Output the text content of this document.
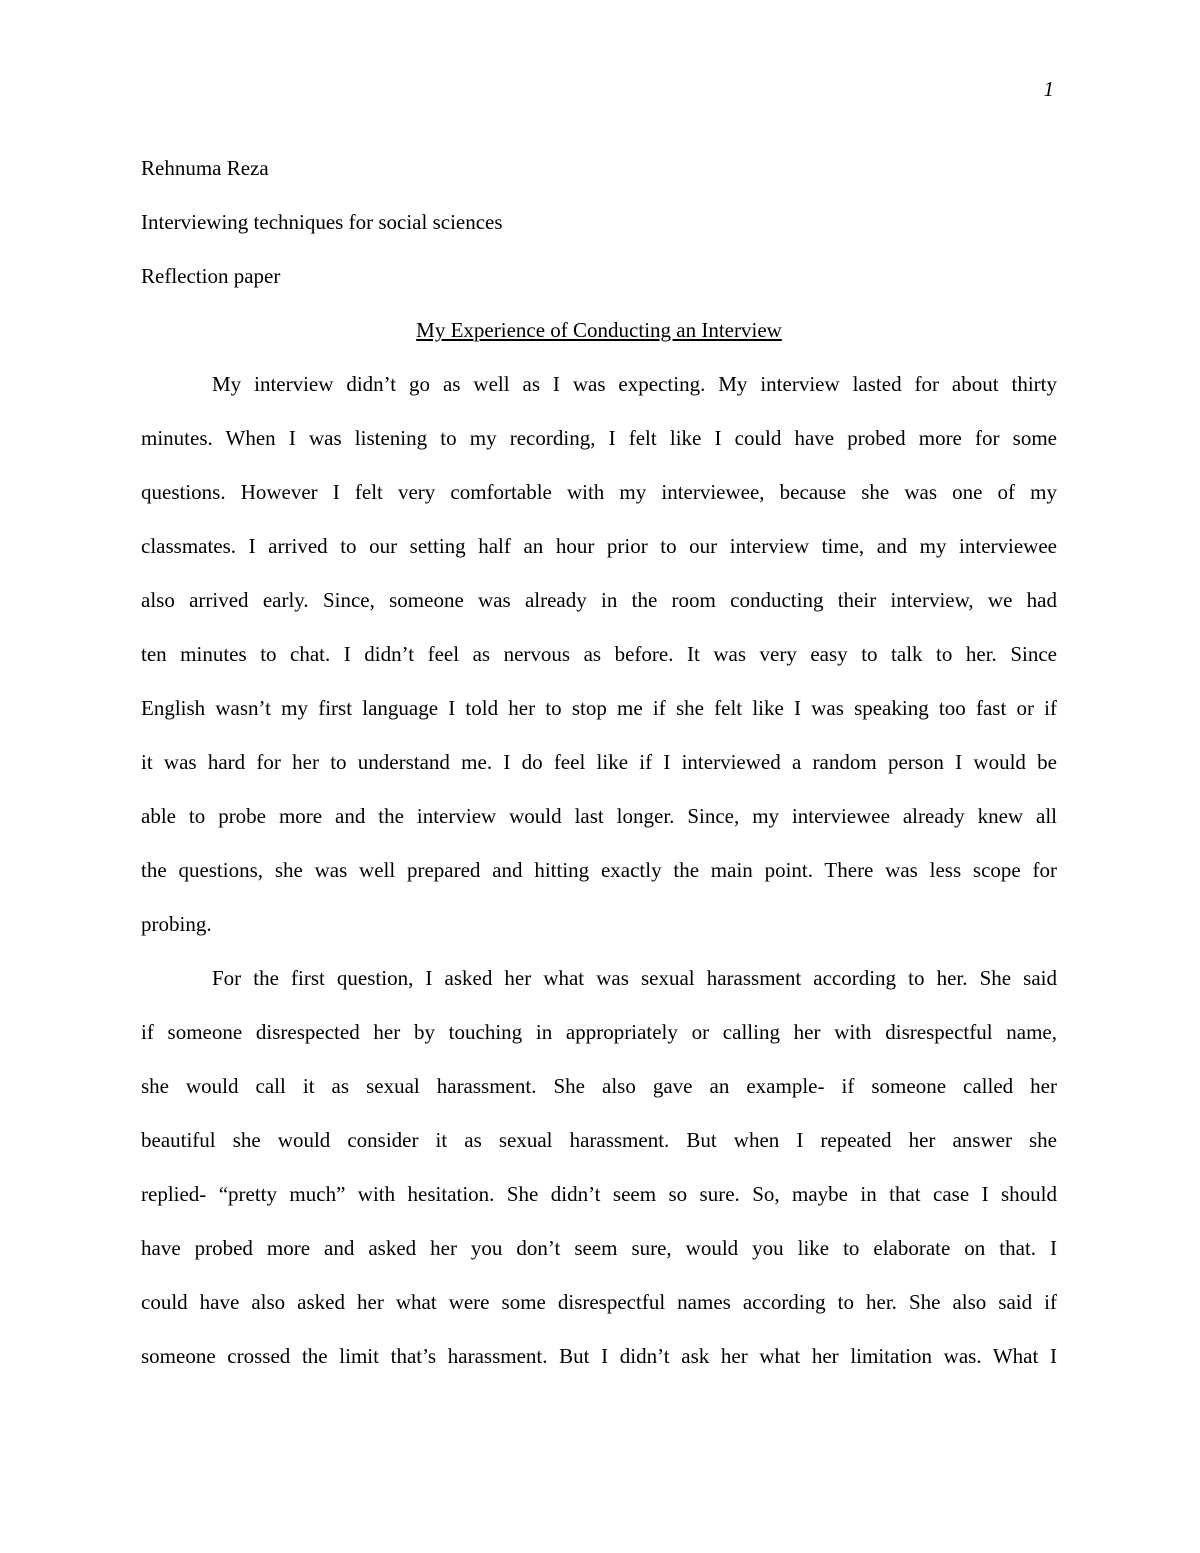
1
Rehnuma Reza
Interviewing techniques for social sciences
Reflection paper
My Experience of Conducting an Interview
My interview didn’t go as well as I was expecting. My interview lasted for about thirty
minutes. When I was listening to my recording, I felt like I could have probed more for some
questions. However I felt very comfortable with my interviewee, because she was one of my
classmates. I arrived to our setting half an hour prior to our interview time, and my interviewee
also arrived early. Since, someone was already in the room conducting their interview, we had
ten minutes to chat. I didn’t feel as nervous as before. It was very easy to talk to her. Since
English wasn’t my first language I told her to stop me if she felt like I was speaking too fast or if
it was hard for her to understand me. I do feel like if I interviewed a random person I would be
able to probe more and the interview would last longer. Since, my interviewee already knew all
the questions, she was well prepared and hitting exactly the main point. There was less scope for
probing.
For the first question, I asked her what was sexual harassment according to her. She said
if someone disrespected her by touching in appropriately or calling her with disrespectful name,
she would call it as sexual harassment. She also gave an example- if someone called her
beautiful she would consider it as sexual harassment. But when I repeated her answer she
replied- “pretty much” with hesitation. She didn’t seem so sure. So, maybe in that case I should
have probed more and asked her you don’t seem sure, would you like to elaborate on that. I
could have also asked her what were some disrespectful names according to her. She also said if
someone crossed the limit that’s harassment. But I didn’t ask her what her limitation was. What I
